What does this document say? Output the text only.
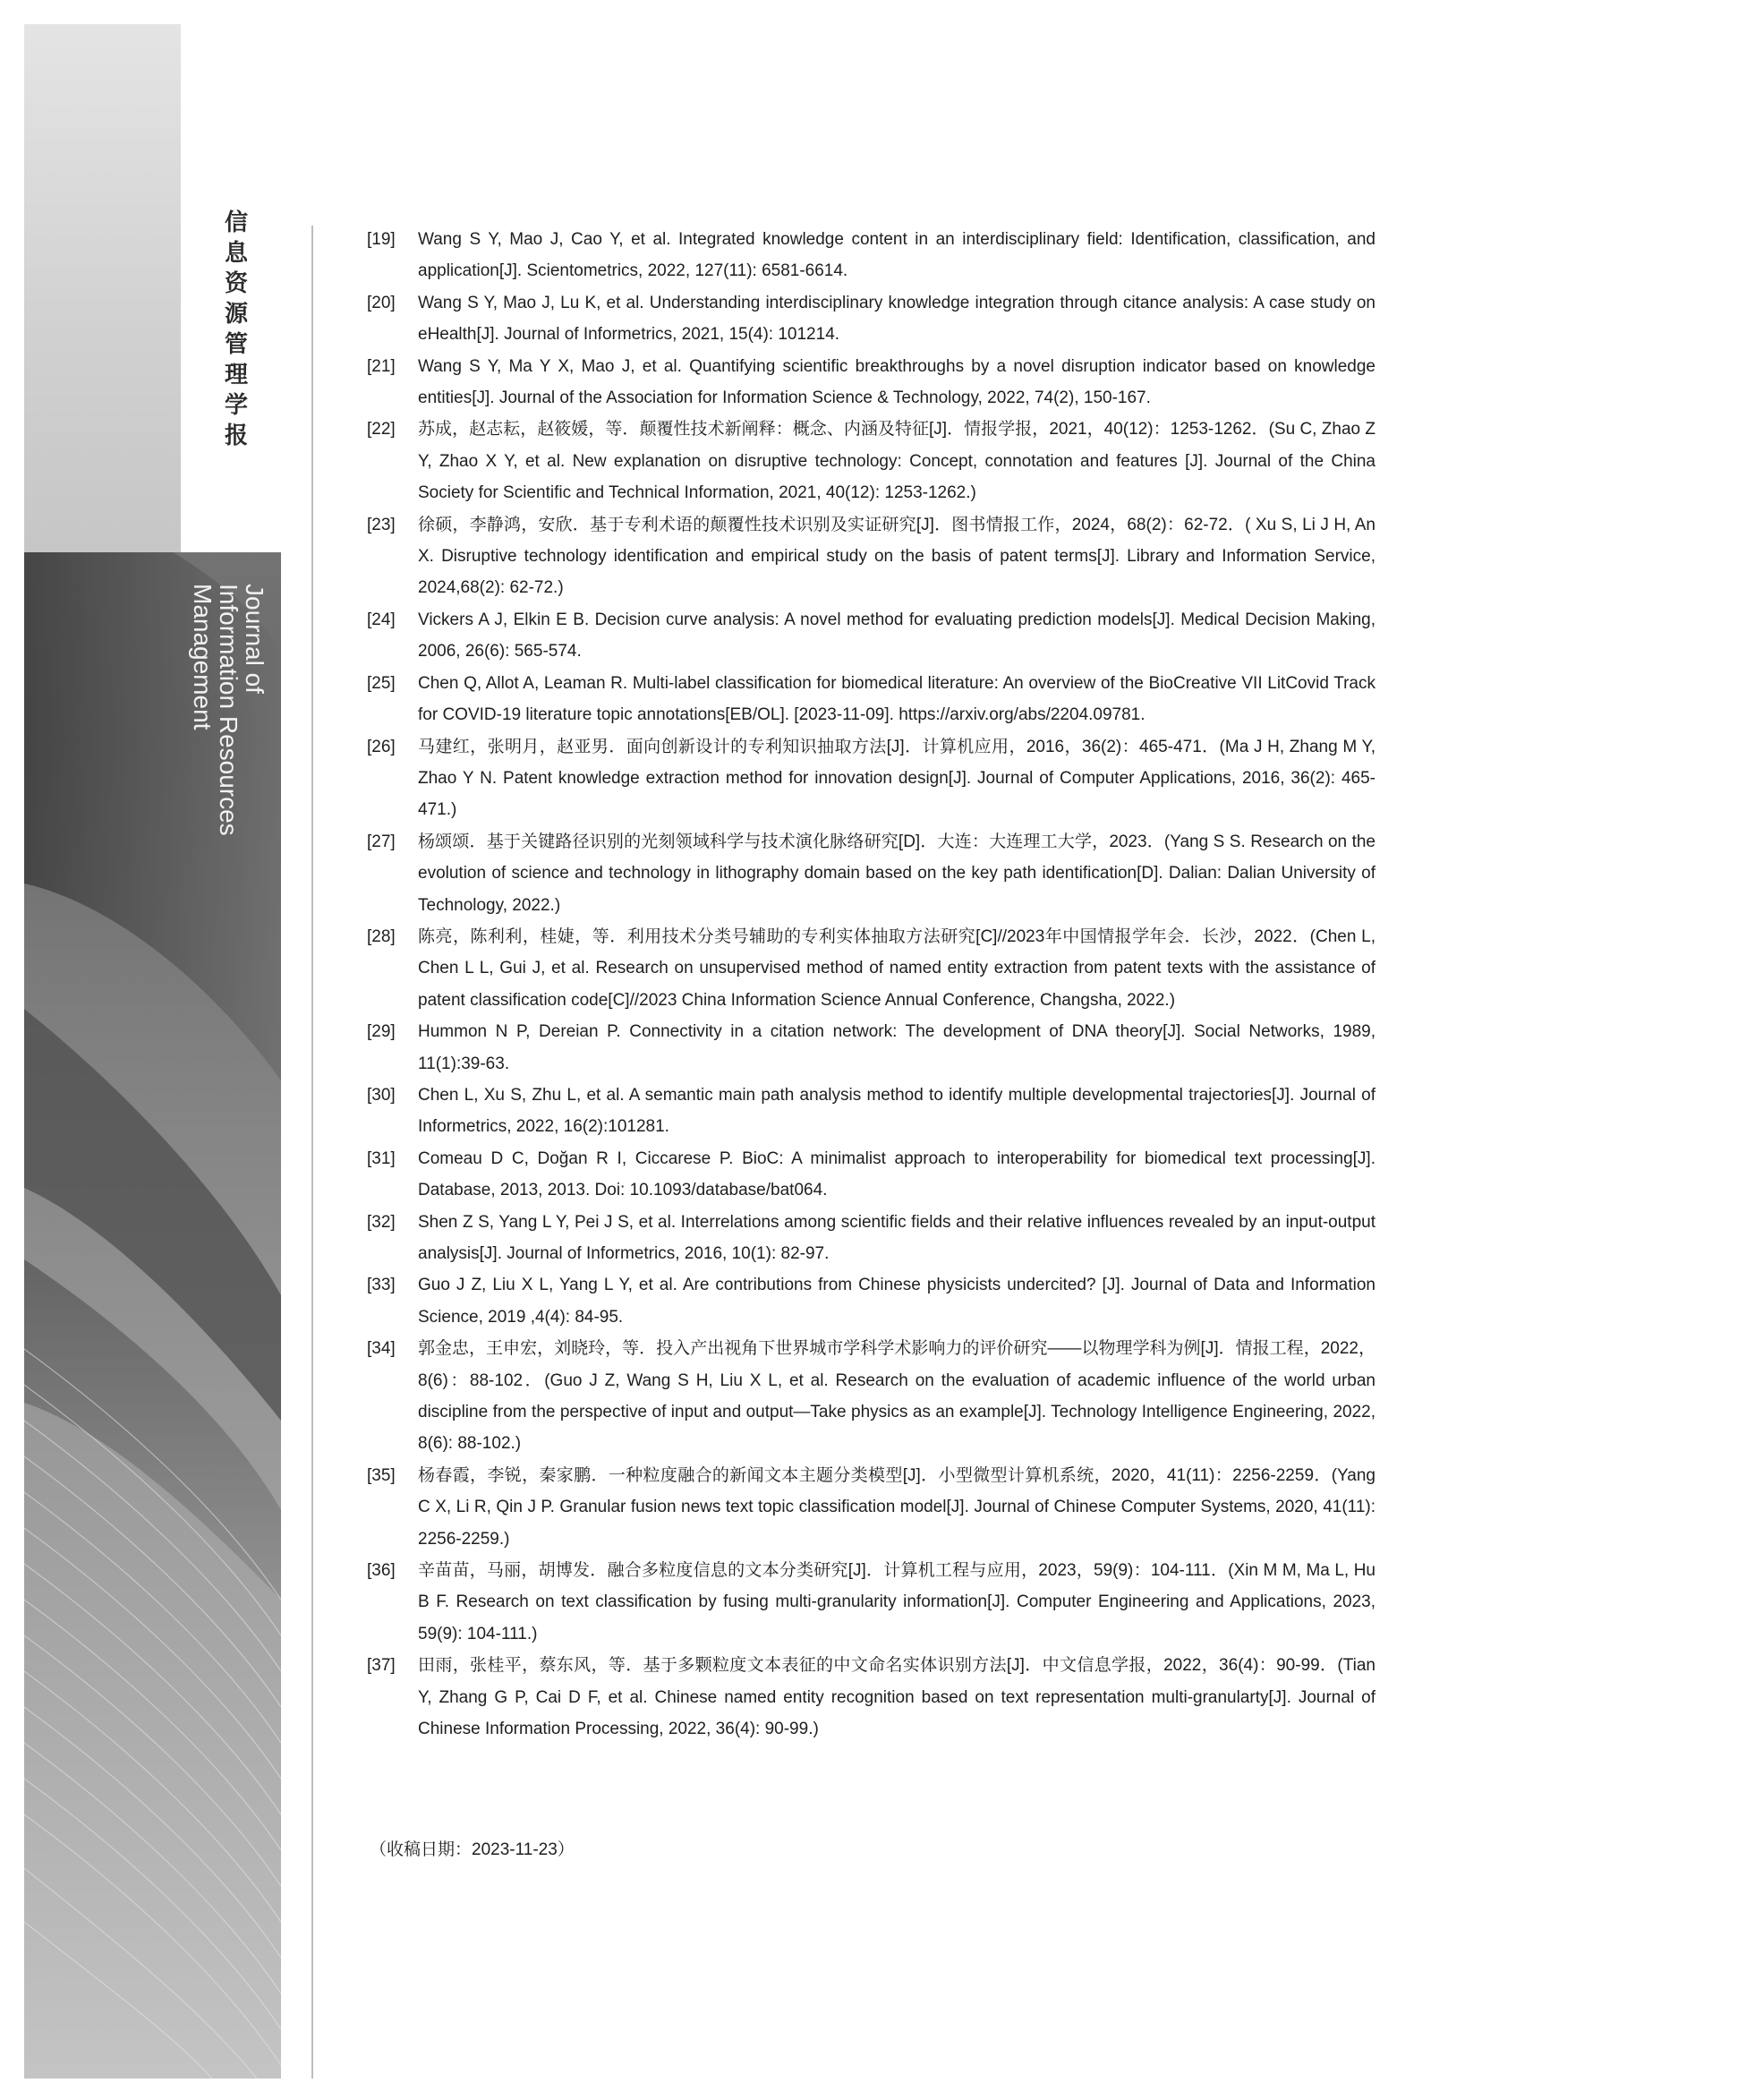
信
息
资
源
管
理
学
报
Journal of
Information Resources
Management
[19] Wang S Y, Mao J, Cao Y, et al. Integrated knowledge content in an interdisciplinary field: Identification, classification, and application[J]. Scientometrics, 2022, 127(11): 6581-6614.
[20] Wang S Y, Mao J, Lu K, et al. Understanding interdisciplinary knowledge integration through citance analysis: A case study on eHealth[J]. Journal of Informetrics, 2021, 15(4): 101214.
[21] Wang S Y, Ma Y X, Mao J, et al. Quantifying scientific breakthroughs by a novel disruption indicator based on knowledge entities[J]. Journal of the Association for Information Science & Technology, 2022, 74(2), 150-167.
[22] 苏成，赵志耘，赵筱媛，等．颠覆性技术新阐释：概念、内涵及特征[J]．情报学报，2021，40(12)：1253-1262．(Su C, Zhao Z Y, Zhao X Y, et al. New explanation on disruptive technology: Concept, connotation and features [J]. Journal of the China Society for Scientific and Technical Information, 2021, 40(12): 1253-1262.)
[23] 徐硕，李静鸿，安欣．基于专利术语的颠覆性技术识别及实证研究[J]．图书情报工作，2024，68(2)：62-72．( Xu S, Li J H, An X. Disruptive technology identification and empirical study on the basis of patent terms[J]. Library and Information Service, 2024,68(2): 62-72.)
[24] Vickers A J, Elkin E B. Decision curve analysis: A novel method for evaluating prediction models[J]. Medical Decision Making, 2006, 26(6): 565-574.
[25] Chen Q, Allot A, Leaman R. Multi-label classification for biomedical literature: An overview of the BioCreative VII LitCovid Track for COVID-19 literature topic annotations[EB/OL]. [2023-11-09]. https://arxiv.org/abs/2204.09781.
[26] 马建红，张明月，赵亚男．面向创新设计的专利知识抽取方法[J]．计算机应用，2016，36(2)：465-471．(Ma J H, Zhang M Y, Zhao Y N. Patent knowledge extraction method for innovation design[J]. Journal of Computer Applications, 2016, 36(2): 465-471.)
[27] 杨颂颂．基于关键路径识别的光刻领域科学与技术演化脉络研究[D]．大连：大连理工大学，2023．(Yang S S. Research on the evolution of science and technology in lithography domain based on the key path identification[D]. Dalian: Dalian University of Technology, 2022.)
[28] 陈亮，陈利利，桂婕，等．利用技术分类号辅助的专利实体抽取方法研究[C]//2023年中国情报学年会．长沙，2022．(Chen L, Chen L L, Gui J, et al. Research on unsupervised method of named entity extraction from patent texts with the assistance of patent classification code[C]//2023 China Information Science Annual Conference, Changsha, 2022.)
[29] Hummon N P, Dereian P. Connectivity in a citation network: The development of DNA theory[J]. Social Networks, 1989, 11(1):39-63.
[30] Chen L, Xu S, Zhu L, et al. A semantic main path analysis method to identify multiple developmental trajectories[J]. Journal of Informetrics, 2022, 16(2):101281.
[31] Comeau D C, Doğan R I, Ciccarese P. BioC: A minimalist approach to interoperability for biomedical text processing[J]. Database, 2013, 2013. Doi: 10.1093/database/bat064.
[32] Shen Z S, Yang L Y, Pei J S, et al. Interrelations among scientific fields and their relative influences revealed by an input-output analysis[J]. Journal of Informetrics, 2016, 10(1): 82-97.
[33] Guo J Z, Liu X L, Yang L Y, et al. Are contributions from Chinese physicists undercited? [J]. Journal of Data and Information Science, 2019 ,4(4): 84-95.
[34] 郭金忠，王申宏，刘晓玲，等．投入产出视角下世界城市学科学术影响力的评价研究——以物理学科为例[J]．情报工程，2022，8(6)：88-102．(Guo J Z, Wang S H, Liu X L, et al. Research on the evaluation of academic influence of the world urban discipline from the perspective of input and output—Take physics as an example[J]. Technology Intelligence Engineering, 2022, 8(6): 88-102.)
[35] 杨春霞，李锐，秦家鹏．一种粒度融合的新闻文本主题分类模型[J]．小型微型计算机系统，2020，41(11)：2256-2259．(Yang C X, Li R, Qin J P. Granular fusion news text topic classification model[J]. Journal of Chinese Computer Systems, 2020, 41(11): 2256-2259.)
[36] 辛苗苗，马丽，胡博发．融合多粒度信息的文本分类研究[J]．计算机工程与应用，2023，59(9)：104-111．(Xin M M, Ma L, Hu B F. Research on text classification by fusing multi-granularity information[J]. Computer Engineering and Applications, 2023, 59(9): 104-111.)
[37] 田雨，张桂平，蔡东风，等．基于多颗粒度文本表征的中文命名实体识别方法[J]．中文信息学报，2022，36(4)：90-99．(Tian Y, Zhang G P, Cai D F, et al. Chinese named entity recognition based on text representation multi-granularty[J]. Journal of Chinese Information Processing, 2022, 36(4): 90-99.)
（收稿日期：2023-11-23）
